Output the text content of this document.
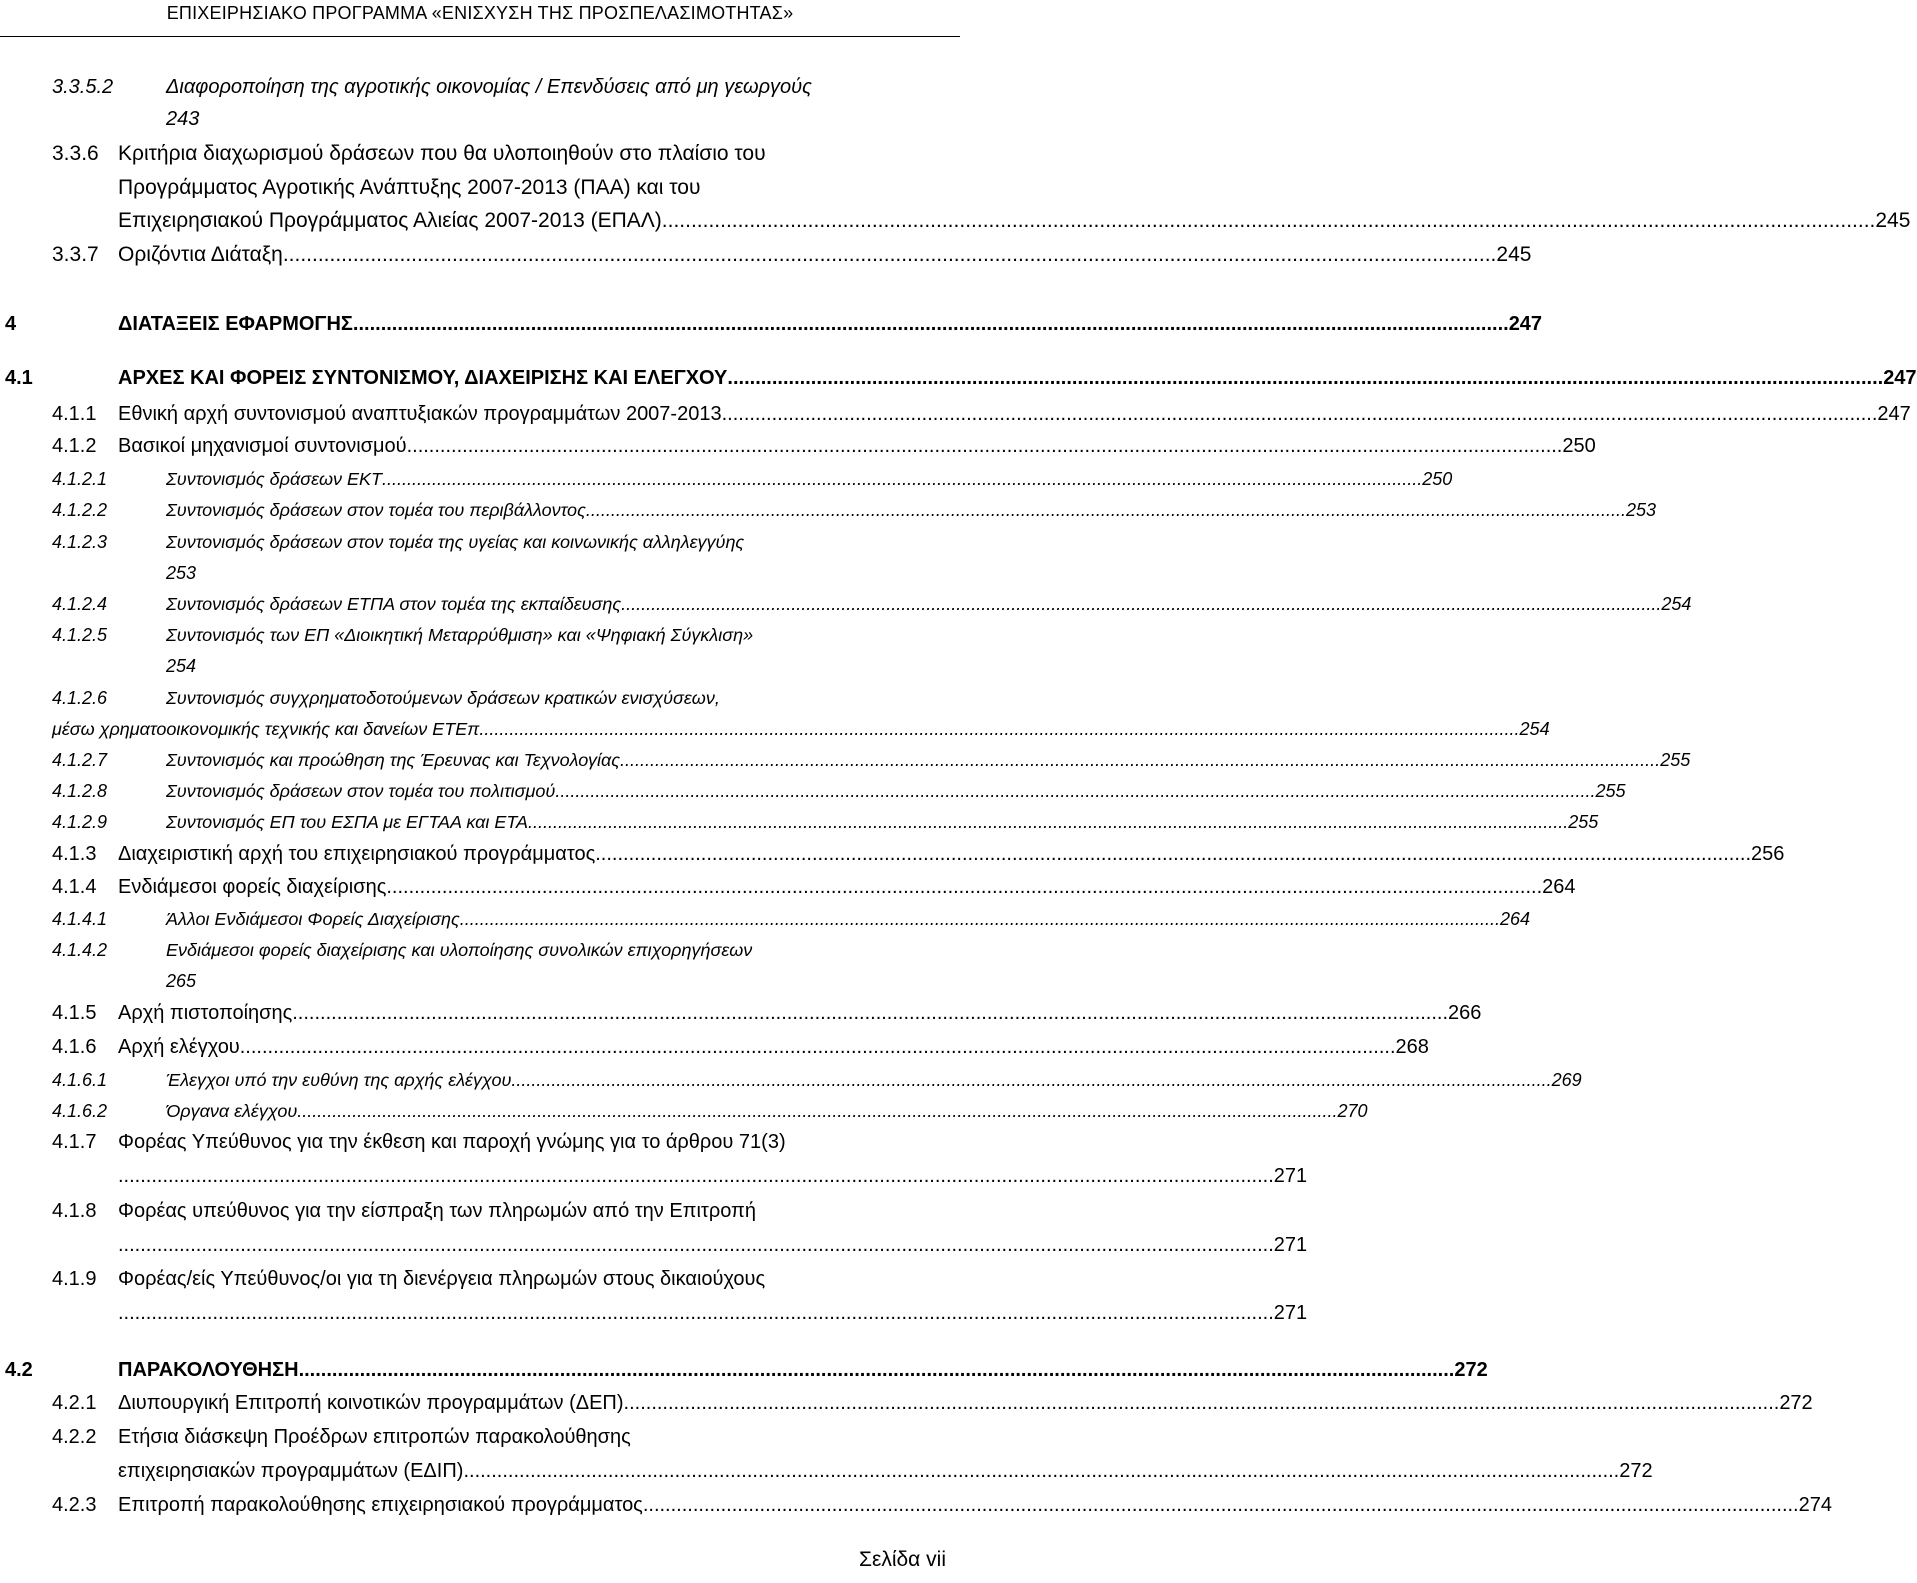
ΕΠΙΧΕΙΡΗΣΙΑΚΟ ΠΡΟΓΡΑΜΜΑ «ΕΝΙΣΧΥΣΗ ΤΗΣ ΠΡΟΣΠΕΛΑΣΙΜΟΤΗΤΑΣ»
3.3.5.2	Διαφοροποίηση της αγροτικής οικονομίας / Επενδύσεις από μη γεωργούς
243
3.3.6 Κριτήρια διαχωρισμού δράσεων που θα υλοποιηθούν στο πλαίσιο του
Προγράμματος Αγροτικής Ανάπτυξης 2007-2013 (ΠΑΑ) και του
Επιχειρησιακού Προγράμματος Αλιείας 2007-2013 (ΕΠΑΛ) .....	245
3.3.7 Οριζόντια Διάταξη .....	245
4	ΔΙΑΤΑΞΕΙΣ ΕΦΑΡΜΟΓΗΣ .....	247
4.1	ΑΡΧΕΣ ΚΑΙ ΦΟΡΕΙΣ ΣΥΝΤΟΝΙΣΜΟΥ, ΔΙΑΧΕΙΡΙΣΗΣ ΚΑΙ ΕΛΕΓΧΟΥ .....	247
4.1.1	Εθνική αρχή συντονισμού αναπτυξιακών προγραμμάτων 2007-2013 .....	247
4.1.2	Βασικοί μηχανισμοί συντονισμού .....	250
4.1.2.1	Συντονισμός δράσεων ΕΚΤ .....	250
4.1.2.2	Συντονισμός δράσεων στον τομέα του περιβάλλοντος .....	253
4.1.2.3	Συντονισμός δράσεων στον τομέα της υγείας και κοινωνικής αλληλεγγύης
253
4.1.2.4	Συντονισμός δράσεων ΕΤΠΑ στον τομέα της εκπαίδευσης .....	254
4.1.2.5	Συντονισμός των ΕΠ «Διοικητική Μεταρρύθμιση» και «Ψηφιακή Σύγκλιση»
254
4.1.2.6	Συντονισμός συγχρηματοδοτούμενων δράσεων κρατικών ενισχύσεων,
μέσω χρηματοοικονομικής τεχνικής και δανείων ΕΤΕπ .....	254
4.1.2.7	Συντονισμός και προώθηση της Έρευνας και Τεχνολογίας .....	255
4.1.2.8	Συντονισμός δράσεων στον τομέα του πολιτισμού .....	255
4.1.2.9	Συντονισμός ΕΠ του ΕΣΠΑ με ΕΓΤΑΑ και ΕΤΑ .....	255
4.1.3	Διαχειριστική αρχή του επιχειρησιακού προγράμματος .....	256
4.1.4	Ενδιάμεσοι φορείς διαχείρισης .....	264
4.1.4.1	Άλλοι Ενδιάμεσοι Φορείς Διαχείρισης .....	264
4.1.4.2	Ενδιάμεσοι φορείς διαχείρισης και υλοποίησης συνολικών επιχορηγήσεων
265
4.1.5	Αρχή πιστοποίησης .....	266
4.1.6	Αρχή ελέγχου .....	268
4.1.6.1	Έλεγχοι υπό την ευθύνη της αρχής ελέγχου .....	269
4.1.6.2	Όργανα ελέγχου .....	270
4.1.7	Φορέας Υπεύθυνος για την έκθεση και παροχή γνώμης για το άρθρου 71(3)
.....
271
4.1.8	Φορέας υπεύθυνος για την είσπραξη των πληρωμών από την Επιτροπή
.....
271
4.1.9	Φορέας/είς Υπεύθυνος/οι για τη διενέργεια πληρωμών στους δικαιούχους
.....
271
4.2	ΠΑΡΑΚΟΛΟΥΘΗΣΗ .....	272
4.2.1	Διυπουργική Επιτροπή κοινοτικών προγραμμάτων (ΔΕΠ) .....	272
4.2.2	Ετήσια διάσκεψη Προέδρων επιτροπών παρακολούθησης
επιχειρησιακών προγραμμάτων (ΕΔΙΠ) .....	272
4.2.3	Επιτροπή παρακολούθησης επιχειρησιακού προγράμματος .....	274
Σελίδα vii
